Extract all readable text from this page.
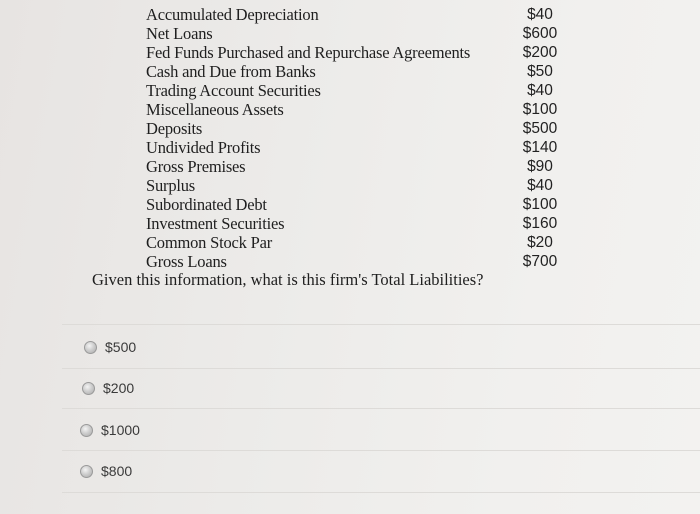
Accumulated Depreciation
Net Loans
Fed Funds Purchased and Repurchase Agreements
Cash and Due from Banks
Trading Account Securities
Miscellaneous Assets
Deposits
Undivided Profits
Gross Premises
Surplus
Subordinated Debt
Investment Securities
Common Stock Par
Gross Loans
$40
$600
$200
$50
$40
$100
$500
$140
$90
$40
$100
$160
$20
$700
Given this information, what is this firm's Total Liabilities?
$500
$200
$1000
$800
